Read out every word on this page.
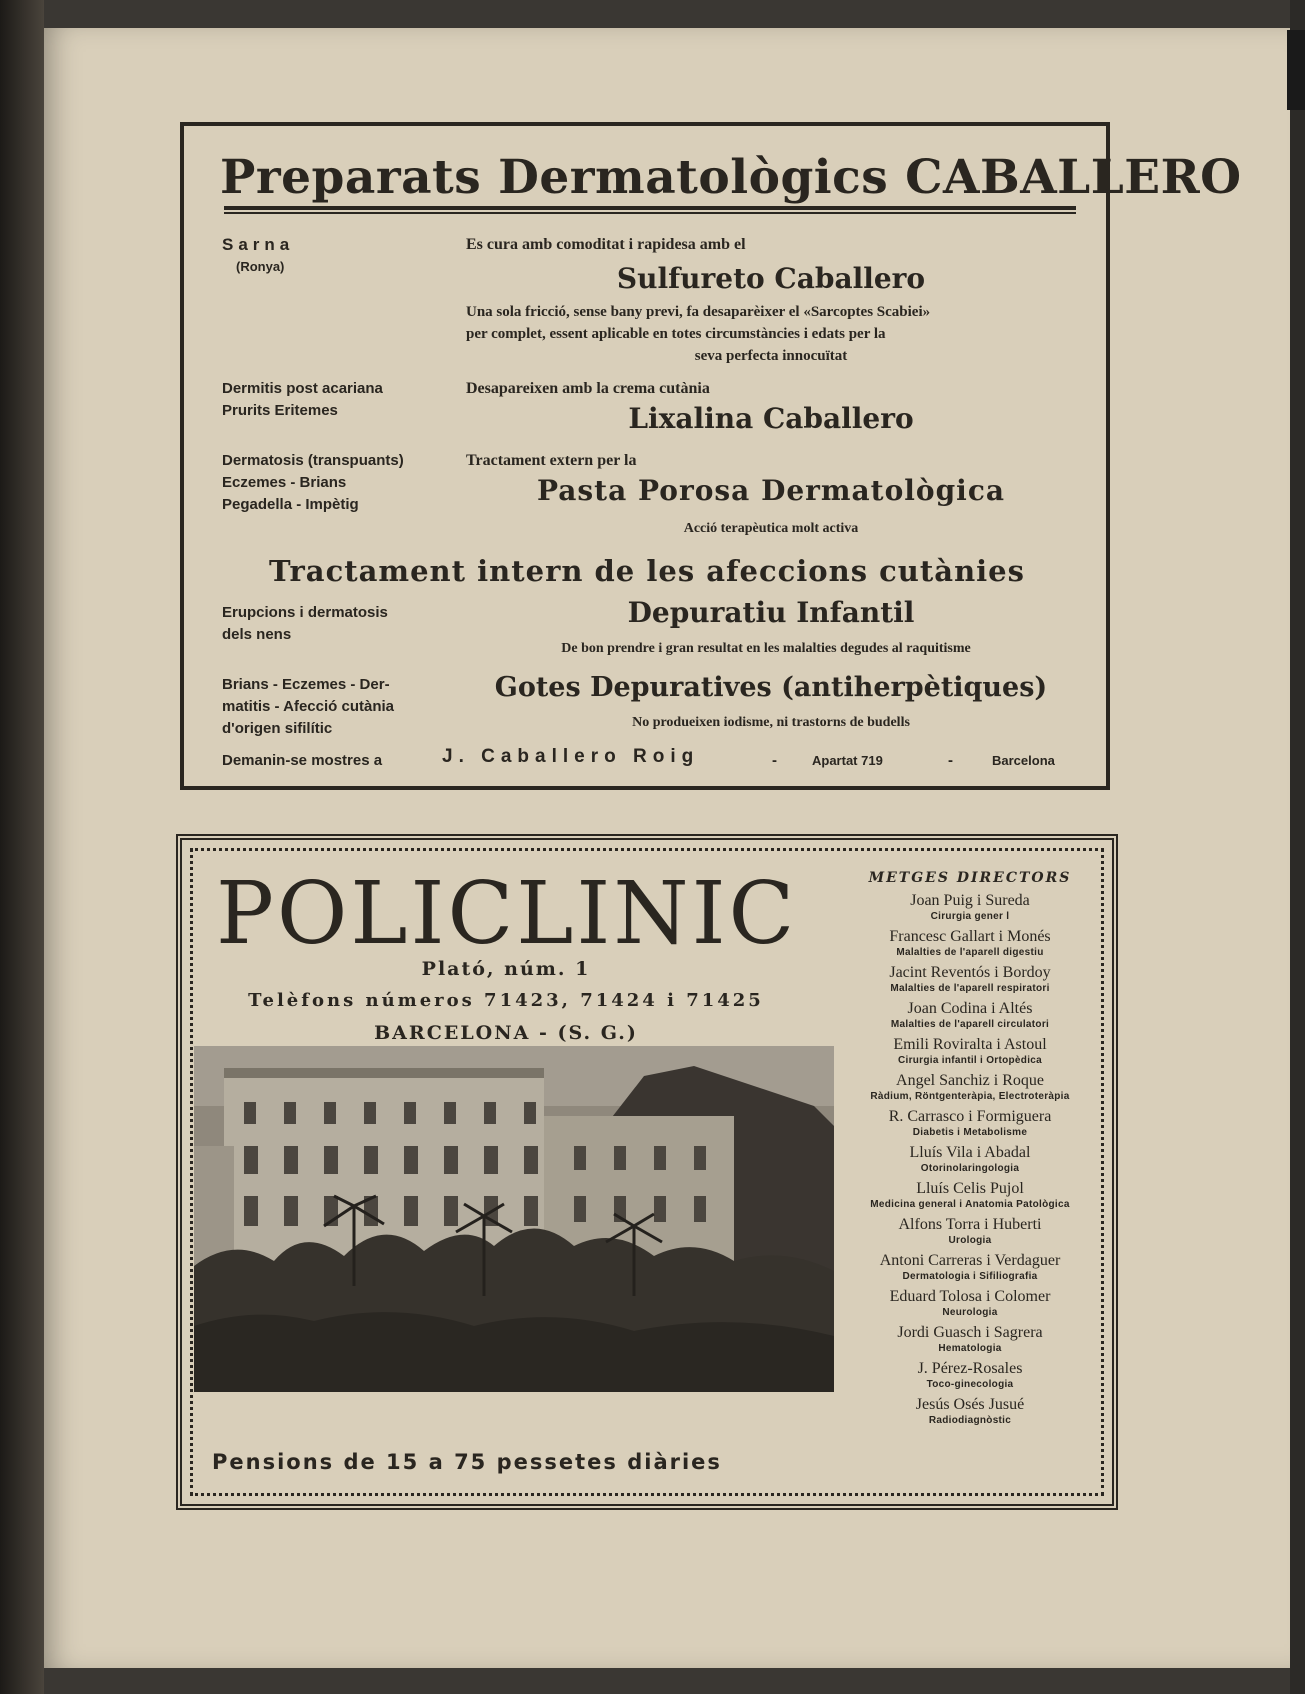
Preparats Dermatològics CABALLERO
Sarna
(Ronya)
Es cura amb comoditat i rapidesa amb el
Sulfureto Caballero
Una sola fricció, sense bany previ, fa desaparèixer el «Sarcoptes Scabiei»
per complet, essent aplicable en totes circumstàncies i edats per la
seva perfecta innocuïtat
Dermitis post acariana
Prurits Eritemes
Desapareixen amb la crema cutània
Lixalina Caballero
Dermatosis (transpuants)
Eczemes - Brians
Pegadella - Impètig
Tractament extern per la
Pasta Porosa Dermatològica
Acció terapèutica molt activa
Tractament intern de les afeccions cutànies
Erupcions i dermatosis
dels nens
Depuratiu Infantil
De bon prendre i gran resultat en les malalties degudes al raquitisme
Brians - Eczemes - Der-
matitis - Afecció cutània
d'origen sifilític
Gotes Depuratives (antiherpètiques)
No produeixen iodisme, ni trastorns de budells
Demanin-se mostres a	J. Caballero Roig	-	Apartat 719	-	Barcelona
POLICLINIC
Plató, núm. 1
Telèfons números 71423, 71424 i 71425
BARCELONA - (S. G.)
Pensions de 15 a 75 pessetes diàries
METGES DIRECTORS
Joan Puig i Sureda
Cirurgia gener l
Francesc Gallart i Monés
Malalties de l'aparell digestiu
Jacint Reventós i Bordoy
Malalties de l'aparell respiratori
Joan Codina i Altés
Malalties de l'aparell circulatori
Emili Roviralta i Astoul
Cirurgia infantil i Ortopèdica
Angel Sanchiz i Roque
Ràdium, Röntgenteràpia, Electroteràpia
R. Carrasco i Formiguera
Diabetis i Metabolisme
Lluís Vila i Abadal
Otorinolaringologia
Lluís Celis Pujol
Medicina general i Anatomia Patològica
Alfons Torra i Huberti
Urologia
Antoni Carreras i Verdaguer
Dermatologia i Sifiliografia
Eduard Tolosa i Colomer
Neurologia
Jordi Guasch i Sagrera
Hematologia
J. Pérez-Rosales
Toco-ginecologia
Jesús Osés Jusué
Radiodiagnòstic
